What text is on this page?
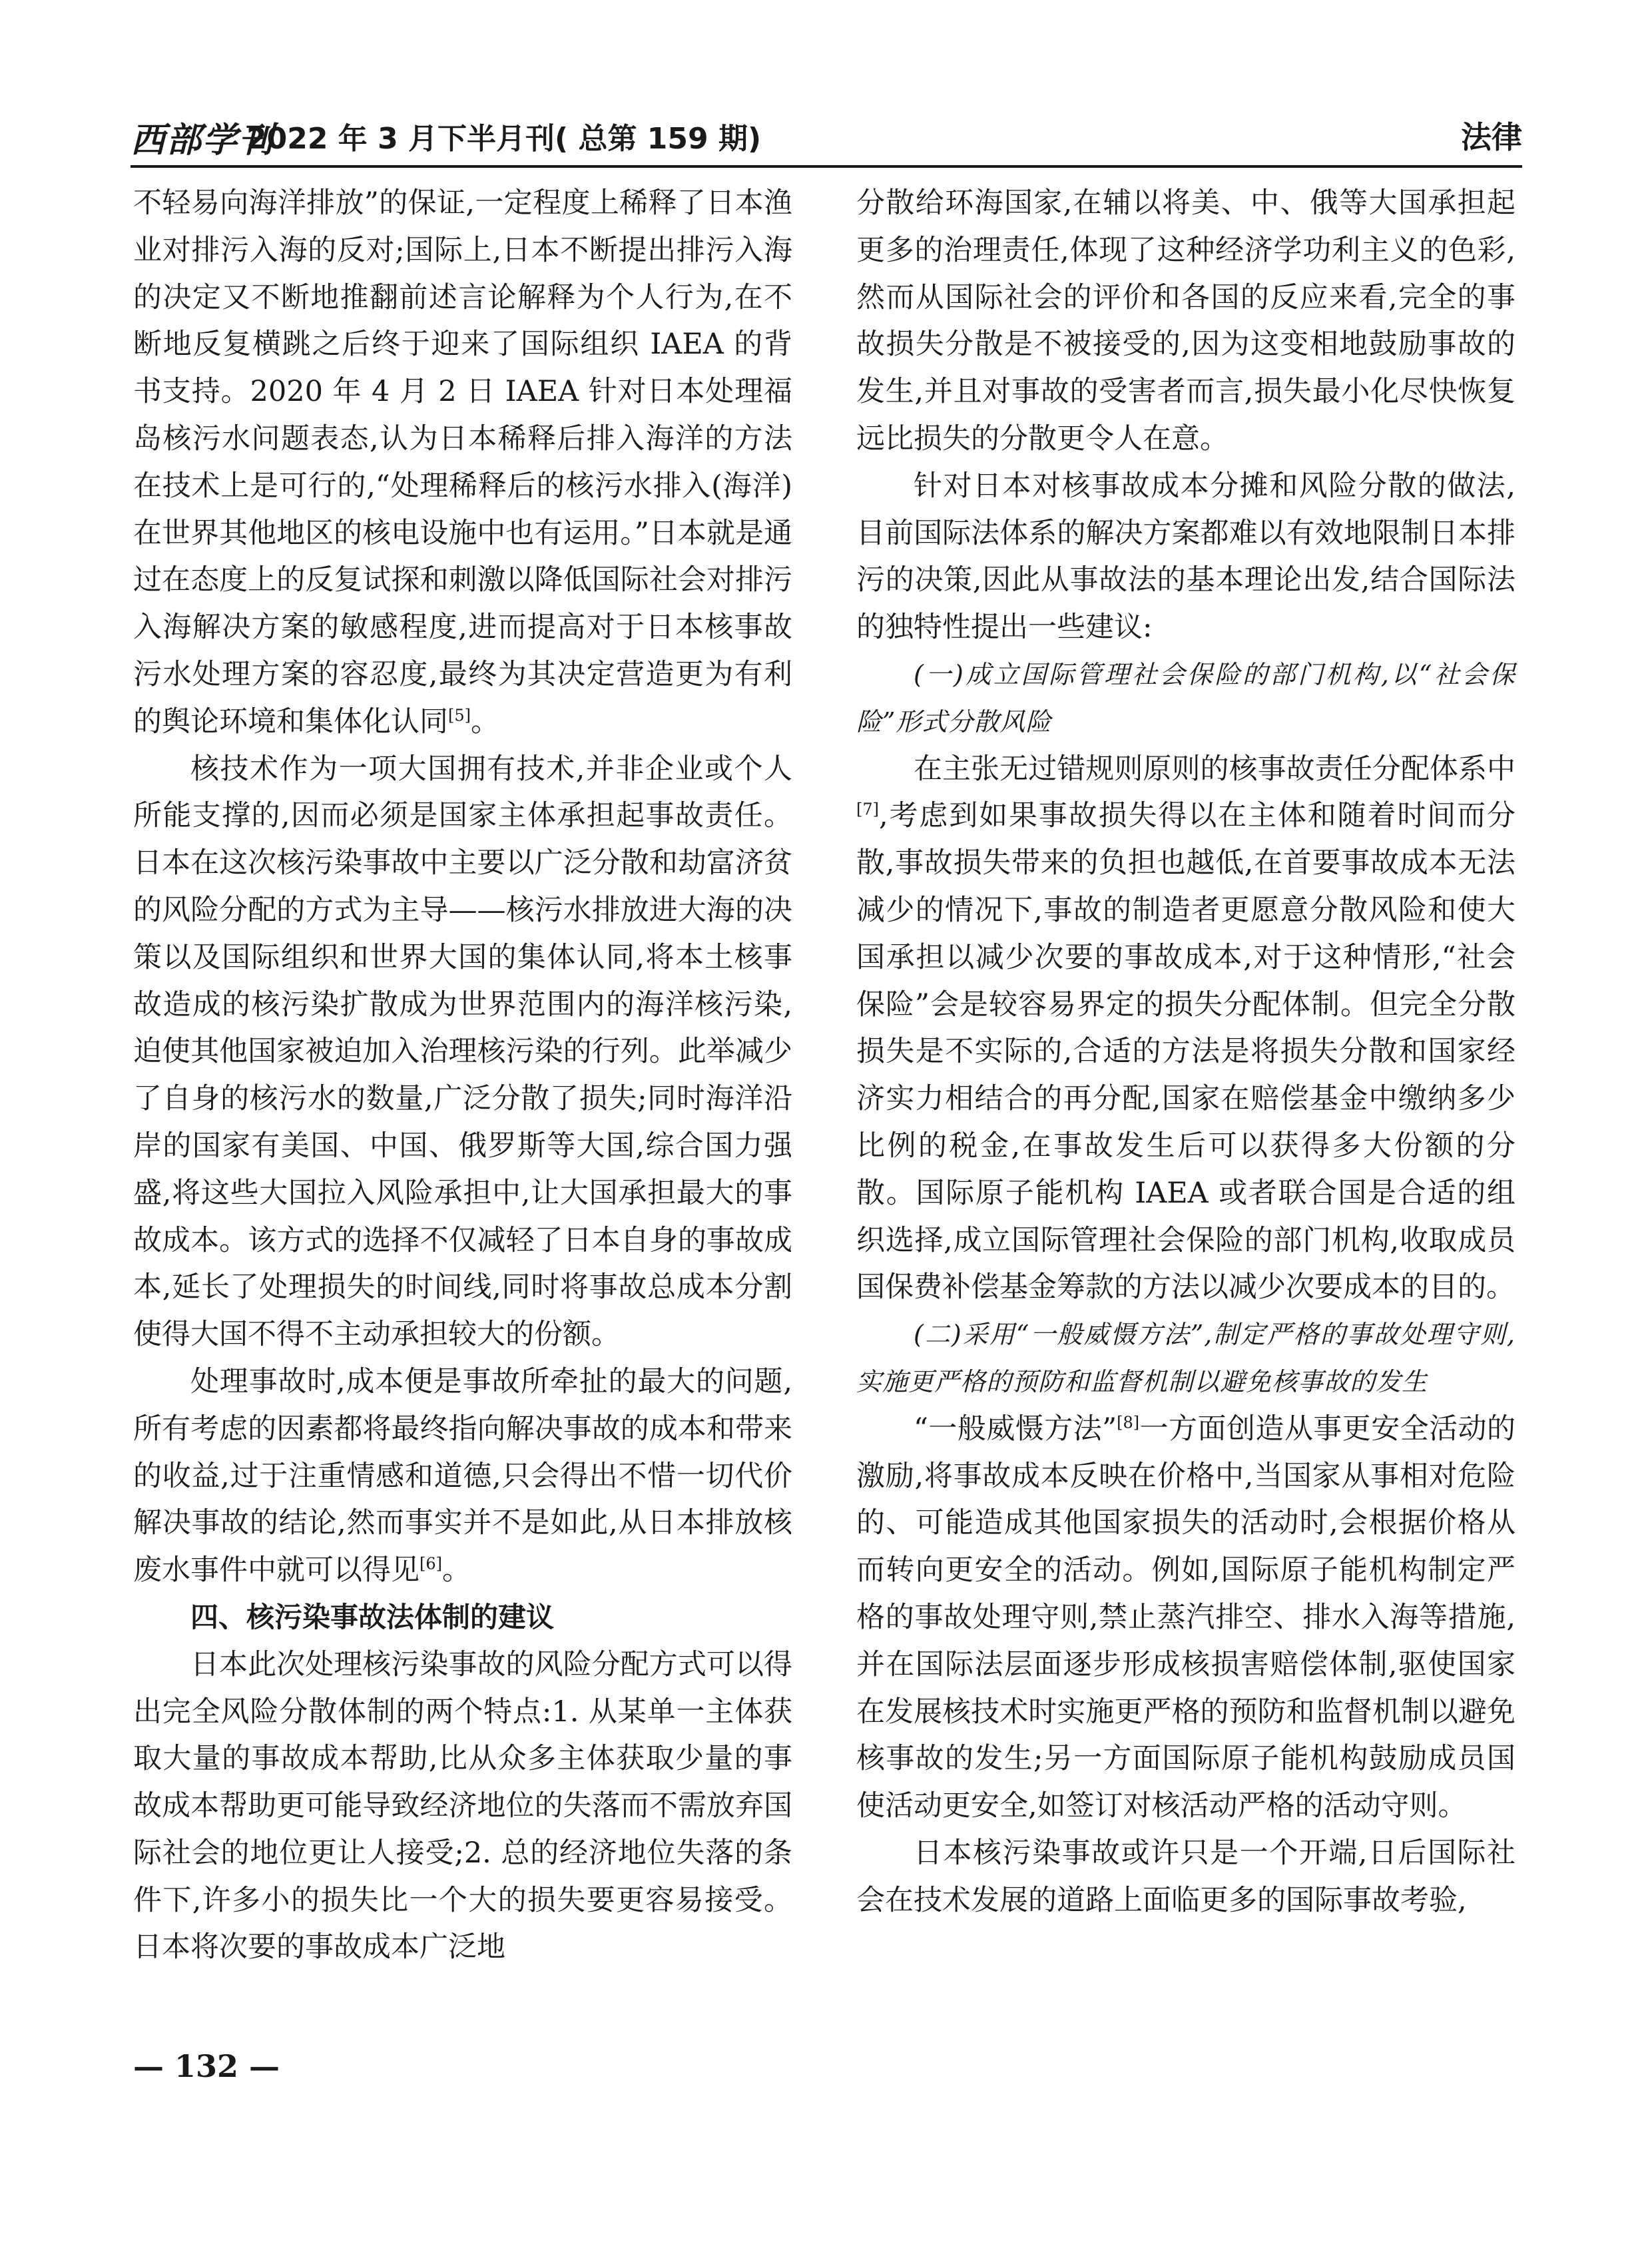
西部学刊
2022 年 3 月下半月刊( 总第 159 期)	法律

不轻易向海洋排放”的保证,一定程度上稀释了日本渔业对排污入海的反对;国际上,日本不断提出排污入海的决定又不断地推翻前述言论解释为个人行为,在不断地反复横跳之后终于迎来了国际组织 IAEA 的背书支持。2020 年 4 月 2 日 IAEA 针对日本处理福岛核污水问题表态,认为日本稀释后排入海洋的方法在技术上是可行的,“处理稀释后的核污水排入(海洋)在世界其他地区的核电设施中也有运用。”日本就是通过在态度上的反复试探和刺激以降低国际社会对排污入海解决方案的敏感程度,进而提高对于日本核事故污水处理方案的容忍度,最终为其决定营造更为有利的舆论环境和集体化认同[5]。

核技术作为一项大国拥有技术,并非企业或个人所能支撑的,因而必须是国家主体承担起事故责任。日本在这次核污染事故中主要以广泛分散和劫富济贫的风险分配的方式为主导——核污水排放进大海的决策以及国际组织和世界大国的集体认同,将本土核事故造成的核污染扩散成为世界范围内的海洋核污染,迫使其他国家被迫加入治理核污染的行列。此举减少了自身的核污水的数量,广泛分散了损失;同时海洋沿岸的国家有美国、中国、俄罗斯等大国,综合国力强盛,将这些大国拉入风险承担中,让大国承担最大的事故成本。该方式的选择不仅减轻了日本自身的事故成本,延长了处理损失的时间线,同时将事故总成本分割使得大国不得不主动承担较大的份额。

处理事故时,成本便是事故所牵扯的最大的问题,所有考虑的因素都将最终指向解决事故的成本和带来的收益,过于注重情感和道德,只会得出不惜一切代价解决事故的结论,然而事实并不是如此,从日本排放核废水事件中就可以得见[6]。

四、核污染事故法体制的建议

日本此次处理核污染事故的风险分配方式可以得出完全风险分散体制的两个特点:1. 从某单一主体获取大量的事故成本帮助,比从众多主体获取少量的事故成本帮助更可能导致经济地位的失落而不需放弃国际社会的地位更让人接受;2. 总的经济地位失落的条件下,许多小的损失比一个大的损失要更容易接受。日本将次要的事故成本广泛地

分散给环海国家,在辅以将美、中、俄等大国承担起更多的治理责任,体现了这种经济学功利主义的色彩,然而从国际社会的评价和各国的反应来看,完全的事故损失分散是不被接受的,因为这变相地鼓励事故的发生,并且对事故的受害者而言,损失最小化尽快恢复远比损失的分散更令人在意。

针对日本对核事故成本分摊和风险分散的做法,目前国际法体系的解决方案都难以有效地限制日本排污的决策,因此从事故法的基本理论出发,结合国际法的独特性提出一些建议:

(一)成立国际管理社会保险的部门机构,以“社会保险”形式分散风险

在主张无过错规则原则的核事故责任分配体系中[7],考虑到如果事故损失得以在主体和随着时间而分散,事故损失带来的负担也越低,在首要事故成本无法减少的情况下,事故的制造者更愿意分散风险和使大国承担以减少次要的事故成本,对于这种情形,“社会保险”会是较容易界定的损失分配体制。但完全分散损失是不实际的,合适的方法是将损失分散和国家经济实力相结合的再分配,国家在赔偿基金中缴纳多少比例的税金,在事故发生后可以获得多大份额的分散。国际原子能机构 IAEA 或者联合国是合适的组织选择,成立国际管理社会保险的部门机构,收取成员国保费补偿基金筹款的方法以减少次要成本的目的。

(二)采用“一般威慑方法”,制定严格的事故处理守则,实施更严格的预防和监督机制以避免核事故的发生

“一般威慑方法”[8]一方面创造从事更安全活动的激励,将事故成本反映在价格中,当国家从事相对危险的、可能造成其他国家损失的活动时,会根据价格从而转向更安全的活动。例如,国际原子能机构制定严格的事故处理守则,禁止蒸汽排空、排水入海等措施,并在国际法层面逐步形成核损害赔偿体制,驱使国家在发展核技术时实施更严格的预防和监督机制以避免核事故的发生;另一方面国际原子能机构鼓励成员国使活动更安全,如签订对核活动严格的活动守则。

日本核污染事故或许只是一个开端,日后国际社会在技术发展的道路上面临更多的国际事故考验,

— 132 —
